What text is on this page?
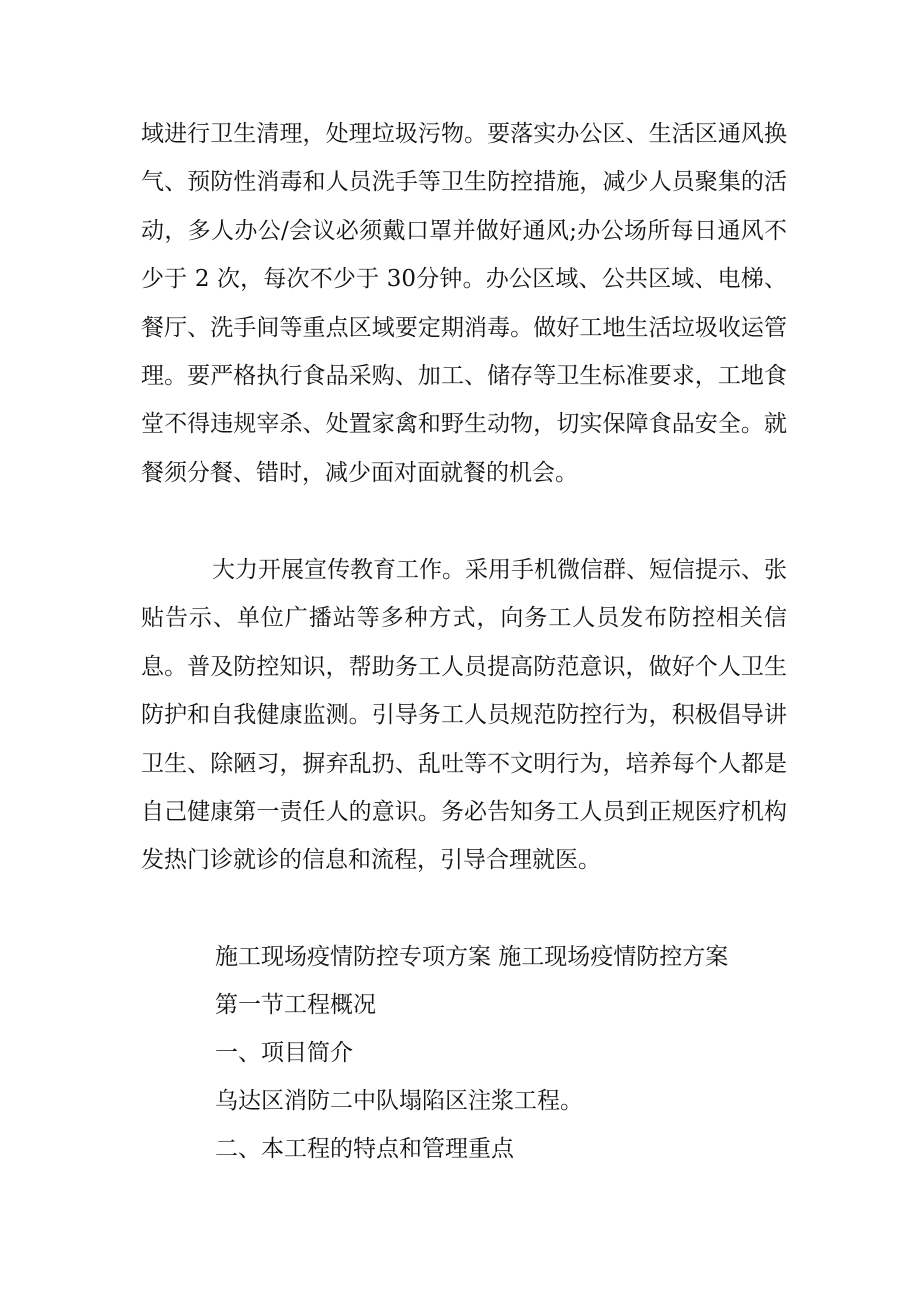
域进行卫生清理，处理垃圾污物。要落实办公区、生活区通风换气、预防性消毒和人员洗手等卫生防控措施，减少人员聚集的活动，多人办公/会议必须戴口罩并做好通风;办公场所每日通风不少于 2 次，每次不少于 30分钟。办公区域、公共区域、电梯、餐厅、洗手间等重点区域要定期消毒。做好工地生活垃圾收运管理。要严格执行食品采购、加工、储存等卫生标准要求，工地食堂不得违规宰杀、处置家禽和野生动物，切实保障食品安全。就餐须分餐、错时，减少面对面就餐的机会。
大力开展宣传教育工作。采用手机微信群、短信提示、张贴告示、单位广播站等多种方式，向务工人员发布防控相关信息。普及防控知识，帮助务工人员提高防范意识，做好个人卫生防护和自我健康监测。引导务工人员规范防控行为，积极倡导讲卫生、除陋习，摒弃乱扔、乱吐等不文明行为，培养每个人都是自己健康第一责任人的意识。务必告知务工人员到正规医疗机构发热门诊就诊的信息和流程，引导合理就医。
施工现场疫情防控专项方案 施工现场疫情防控方案
第一节工程概况
一、项目简介
乌达区消防二中队塌陷区注浆工程。
二、本工程的特点和管理重点
